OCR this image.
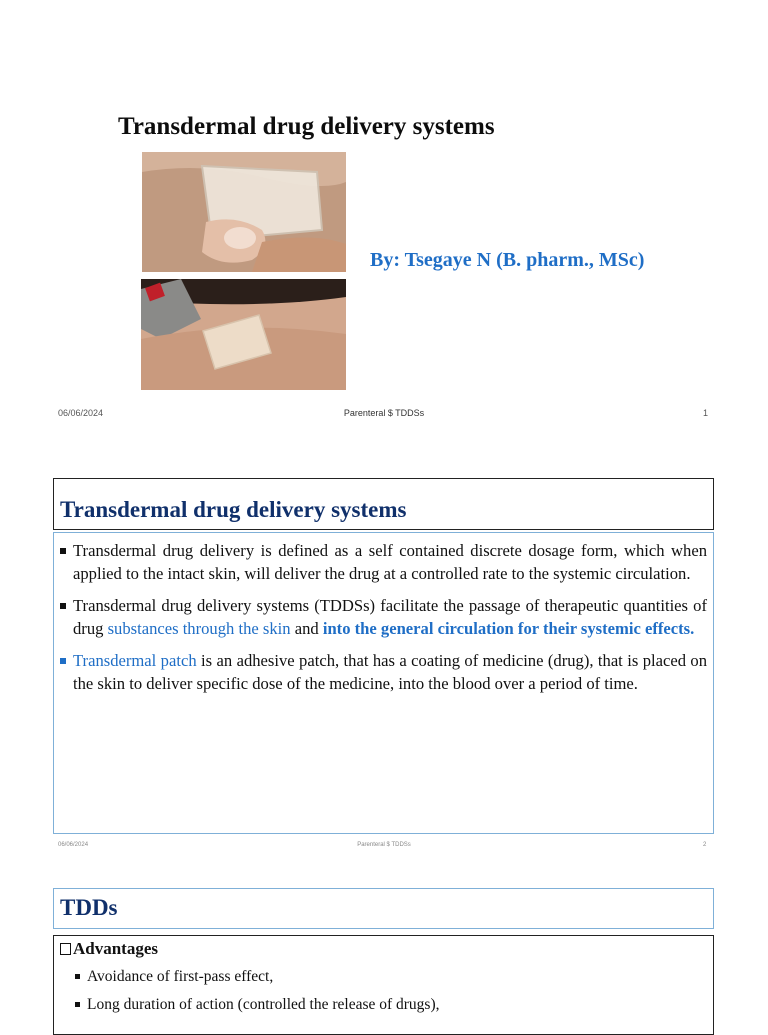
Transdermal drug delivery systems
By: Tsegaye N (B. pharm., MSc)
06/06/2024	Parenteral $ TDDSs	1
Transdermal drug delivery systems
Transdermal drug delivery is defined as a self contained discrete dosage form, which when applied to the intact skin, will deliver the drug at a controlled rate to the systemic circulation.
Transdermal drug delivery systems (TDDSs) facilitate the passage of therapeutic quantities of drug substances through the skin and into the general circulation for their systemic effects.
Transdermal patch is an adhesive patch, that has a coating of medicine (drug), that is placed on the skin to deliver specific dose of the medicine, into the blood over a period of time.
06/06/2024	Parenteral $ TDDSs	2
TDDs
Advantages
Avoidance of first-pass effect,
Long duration of action (controlled the release of drugs),
